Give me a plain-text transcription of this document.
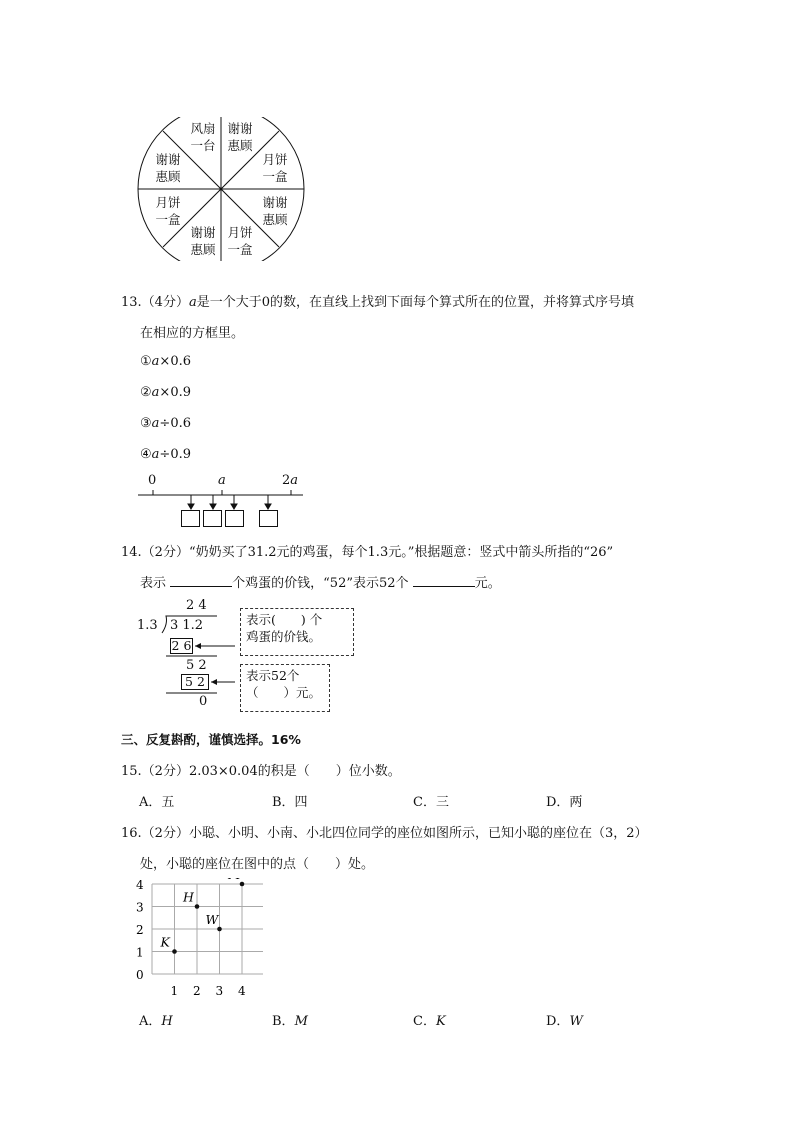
风扇
一台
谢谢
惠顾
月饼
一盒
谢谢
惠顾
月饼
一盒
谢谢
惠顾
月饼
一盒
谢谢
惠顾
13.（4分）a是一个大于0的数，在直线上找到下面每个算式所在的位置，并将算式序号填
在相应的方框里。
①a×0.6
②a×0.9
③a÷0.6
④a÷0.9
0	a	2a
14.（2分）“奶奶买了31.2元的鸡蛋，每个1.3元。”根据题意：竖式中箭头所指的“26”
表示	个鸡蛋的价钱，“52”表示52个	元。
2 4
1.3 3 1.2
2 6
5 2
5 2
0
表示(　　) 个
鸡蛋的价钱。
表示52个
（　　）元。
三、反复斟酌，谨慎选择。16%
15.（2分）2.03×0.04的积是（　　）位小数。
A．五	B．四	C．三	D．两
16.（2分）小聪、小明、小南、小北四位同学的座位如图所示，已知小聪的座位在（3，2）
处，小聪的座位在图中的点（　　）处。
0
1
2
3
4
1 2 3 4
K
H
W
A．H	B．M	C．K	D．W
